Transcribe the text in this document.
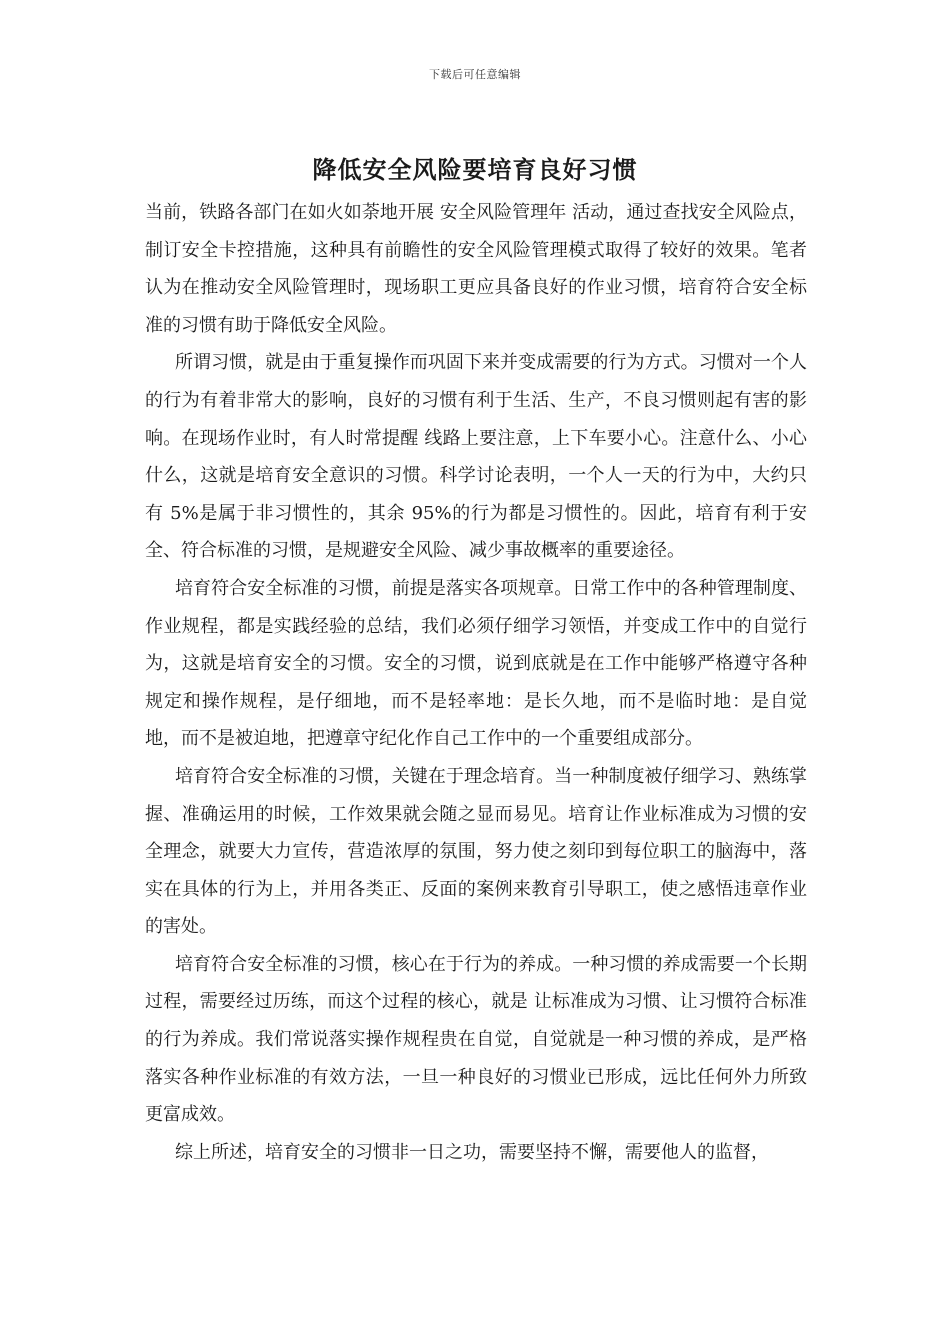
下载后可任意编辑
降低安全风险要培育良好习惯

当前，铁路各部门在如火如荼地开展 安全风险管理年 活动，通过查找安全风险点，制订安全卡控措施，这种具有前瞻性的安全风险管理模式取得了较好的效果。笔者认为在推动安全风险管理时，现场职工更应具备良好的作业习惯，培育符合安全标准的习惯有助于降低安全风险。

所谓习惯，就是由于重复操作而巩固下来并变成需要的行为方式。习惯对一个人的行为有着非常大的影响，良好的习惯有利于生活、生产，不良习惯则起有害的影响。在现场作业时，有人时常提醒 线路上要注意，上下车要小心。注意什么、小心什么，这就是培育安全意识的习惯。科学讨论表明，一个人一天的行为中，大约只有 5%是属于非习惯性的，其余 95%的行为都是习惯性的。因此，培育有利于安全、符合标准的习惯，是规避安全风险、减少事故概率的重要途径。

培育符合安全标准的习惯，前提是落实各项规章。日常工作中的各种管理制度、作业规程，都是实践经验的总结，我们必须仔细学习领悟，并变成工作中的自觉行为，这就是培育安全的习惯。安全的习惯，说到底就是在工作中能够严格遵守各种规定和操作规程，是仔细地，而不是轻率地：是长久地，而不是临时地：是自觉地，而不是被迫地，把遵章守纪化作自己工作中的一个重要组成部分。

培育符合安全标准的习惯，关键在于理念培育。当一种制度被仔细学习、熟练掌握、准确运用的时候，工作效果就会随之显而易见。培育让作业标准成为习惯的安全理念，就要大力宣传，营造浓厚的氛围，努力使之刻印到每位职工的脑海中，落实在具体的行为上，并用各类正、反面的案例来教育引导职工，使之感悟违章作业的害处。

培育符合安全标准的习惯，核心在于行为的养成。一种习惯的养成需要一个长期过程，需要经过历练，而这个过程的核心，就是 让标准成为习惯、让习惯符合标准 的行为养成。我们常说落实操作规程贵在自觉，自觉就是一种习惯的养成，是严格落实各种作业标准的有效方法，一旦一种良好的习惯业已形成，远比任何外力所致更富成效。

综上所述，培育安全的习惯非一日之功，需要坚持不懈，需要他人的监督，
